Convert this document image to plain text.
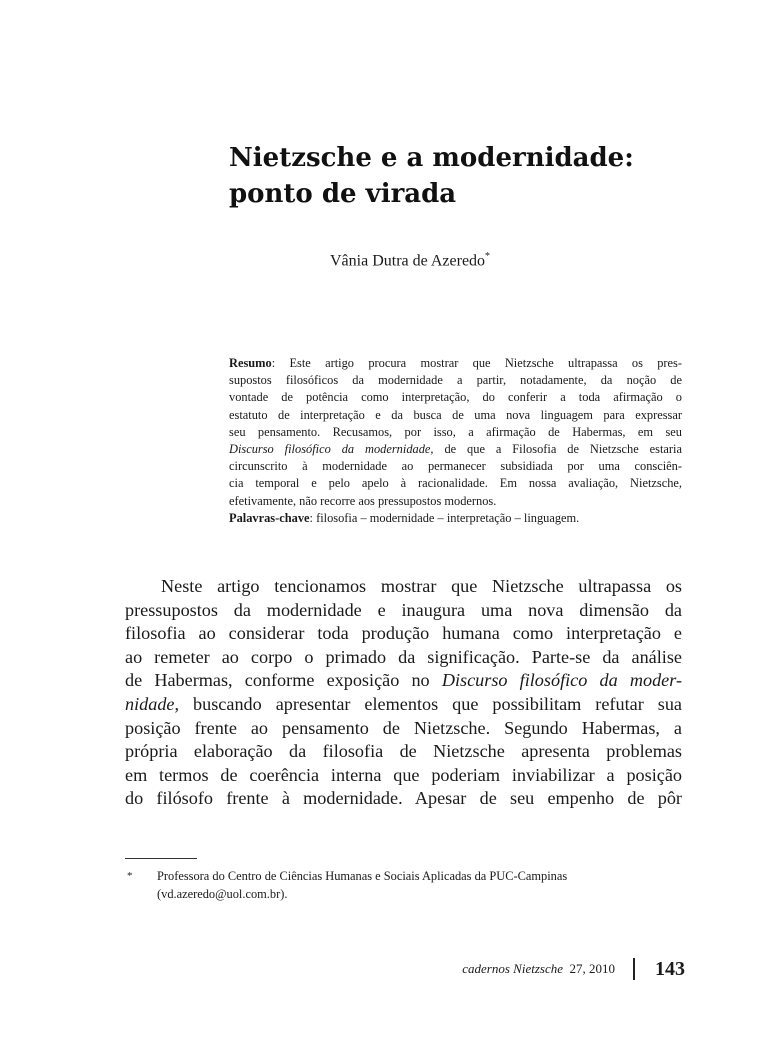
Nietzsche e a modernidade:
ponto de virada
Vânia Dutra de Azeredo*
Resumo: Este artigo procura mostrar que Nietzsche ultrapassa os pres-
supostos filosóficos da modernidade a partir, notadamente, da noção de
vontade de potência como interpretação, do conferir a toda afirmação o
estatuto de interpretação e da busca de uma nova linguagem para expressar
seu pensamento. Recusamos, por isso, a afirmação de Habermas, em seu
Discurso filosófico da modernidade, de que a Filosofia de Nietzsche estaria
circunscrito à modernidade ao permanecer subsidiada por uma consciên-
cia temporal e pelo apelo à racionalidade. Em nossa avaliação, Nietzsche,
efetivamente, não recorre aos pressupostos modernos.
Palavras-chave: filosofia – modernidade – interpretação – linguagem.
Neste artigo tencionamos mostrar que Nietzsche ultrapassa os
pressupostos da modernidade e inaugura uma nova dimensão da
filosofia ao considerar toda produção humana como interpretação e
ao remeter ao corpo o primado da significação. Parte-se da análise
de Habermas, conforme exposição no Discurso filosófico da moder-
nidade, buscando apresentar elementos que possibilitam refutar sua
posição frente ao pensamento de Nietzsche. Segundo Habermas, a
própria elaboração da filosofia de Nietzsche apresenta problemas
em termos de coerência interna que poderiam inviabilizar a posição
do filósofo frente à modernidade. Apesar de seu empenho de pôr
* Professora do Centro de Ciências Humanas e Sociais Aplicadas da PUC-Campinas
(vd.azeredo@uol.com.br).
cadernos Nietzsche 27, 2010 143
